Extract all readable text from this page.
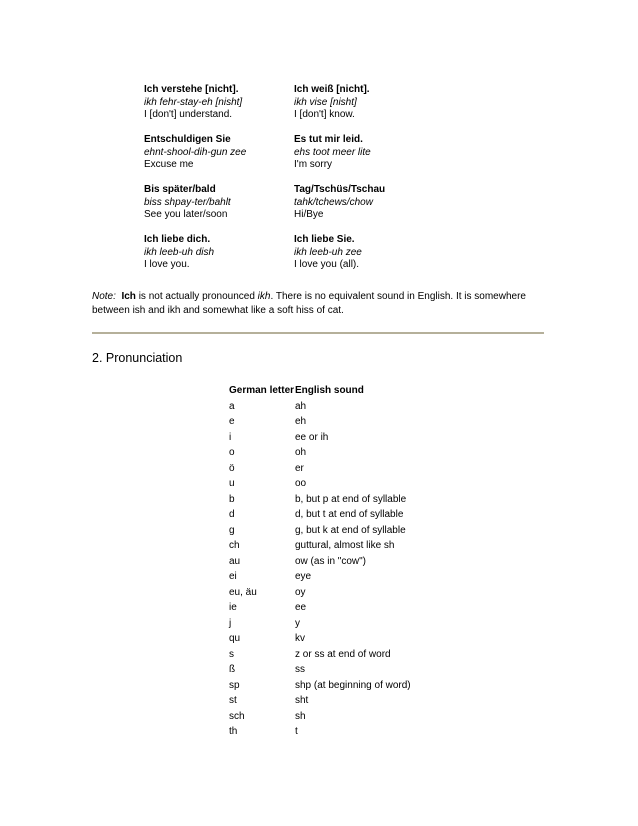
Ich verstehe [nicht].
ikh fehr-stay-eh [nisht]
I [don't] understand.
Ich weiß [nicht].
ikh vise [nisht]
I [don't] know.
Entschuldigen Sie
ehnt-shool-dih-gun zee
Excuse me
Es tut mir leid.
ehs toot meer lite
I'm sorry
Bis später/bald
biss shpay-ter/bahlt
See you later/soon
Tag/Tschüs/Tschau
tahk/tchews/chow
Hi/Bye
Ich liebe dich.
ikh leeb-uh dish
I love you.
Ich liebe Sie.
ikh leeb-uh zee
I love you (all).
Note: Ich is not actually pronounced ikh. There is no equivalent sound in English. It is somewhere between ish and ikh and somewhat like a soft hiss of cat.
2. Pronunciation
German letter	English sound
a	ah
e	eh
i	ee or ih
o	oh
ö	er
u	oo
b	b, but p at end of syllable
d	d, but t at end of syllable
g	g, but k at end of syllable
ch	guttural, almost like sh
au	ow (as in "cow")
ei	eye
eu, äu	oy
ie	ee
j	y
qu	kv
s	z or ss at end of word
ß	ss
sp	shp (at beginning of word)
st	sht
sch	sh
th	t
